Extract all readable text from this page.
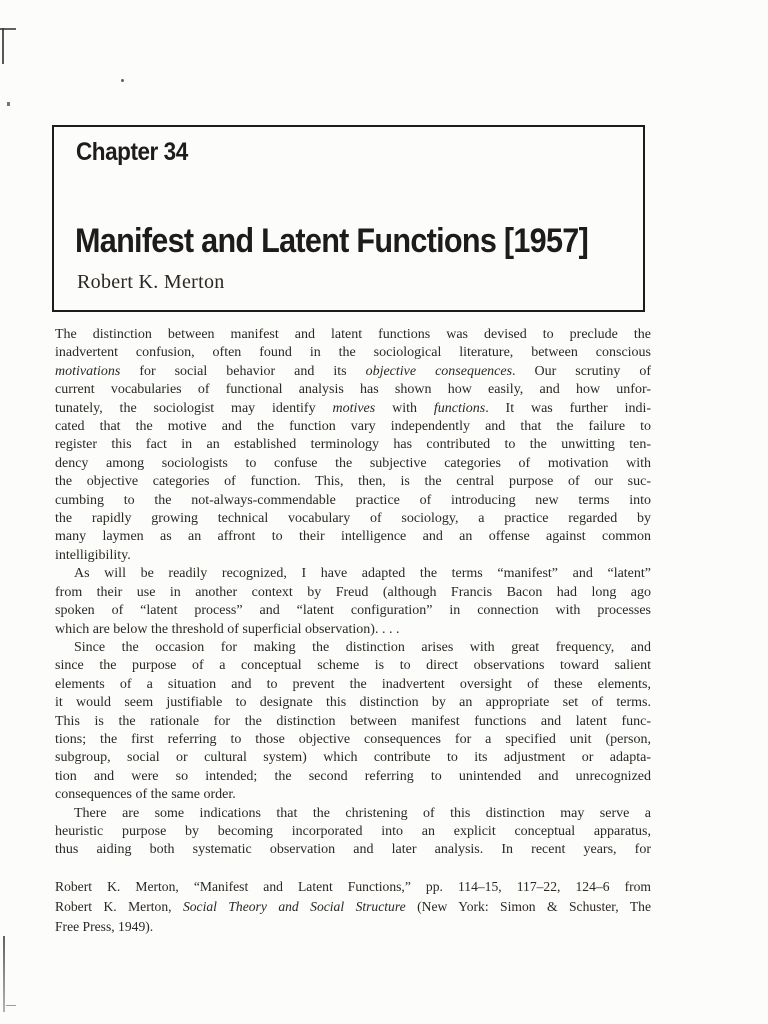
Chapter 34
Manifest and Latent Functions [1957]
Robert K. Merton
The distinction between manifest and latent functions was devised to preclude the
inadvertent confusion, often found in the sociological literature, between conscious
motivations for social behavior and its objective consequences. Our scrutiny of
current vocabularies of functional analysis has shown how easily, and how unfor-
tunately, the sociologist may identify motives with functions. It was further indi-
cated that the motive and the function vary independently and that the failure to
register this fact in an established terminology has contributed to the unwitting ten-
dency among sociologists to confuse the subjective categories of motivation with
the objective categories of function. This, then, is the central purpose of our suc-
cumbing to the not-always-commendable practice of introducing new terms into
the rapidly growing technical vocabulary of sociology, a practice regarded by
many laymen as an affront to their intelligence and an offense against common
intelligibility.
As will be readily recognized, I have adapted the terms “manifest” and “latent”
from their use in another context by Freud (although Francis Bacon had long ago
spoken of “latent process” and “latent configuration” in connection with processes
which are below the threshold of superficial observation). . . .
Since the occasion for making the distinction arises with great frequency, and
since the purpose of a conceptual scheme is to direct observations toward salient
elements of a situation and to prevent the inadvertent oversight of these elements,
it would seem justifiable to designate this distinction by an appropriate set of terms.
This is the rationale for the distinction between manifest functions and latent func-
tions; the first referring to those objective consequences for a specified unit (person,
subgroup, social or cultural system) which contribute to its adjustment or adapta-
tion and were so intended; the second referring to unintended and unrecognized
consequences of the same order.
There are some indications that the christening of this distinction may serve a
heuristic purpose by becoming incorporated into an explicit conceptual apparatus,
thus aiding both systematic observation and later analysis. In recent years, for
Robert K. Merton, “Manifest and Latent Functions,” pp. 114–15, 117–22, 124–6 from
Robert K. Merton, Social Theory and Social Structure (New York: Simon & Schuster, The
Free Press, 1949).
